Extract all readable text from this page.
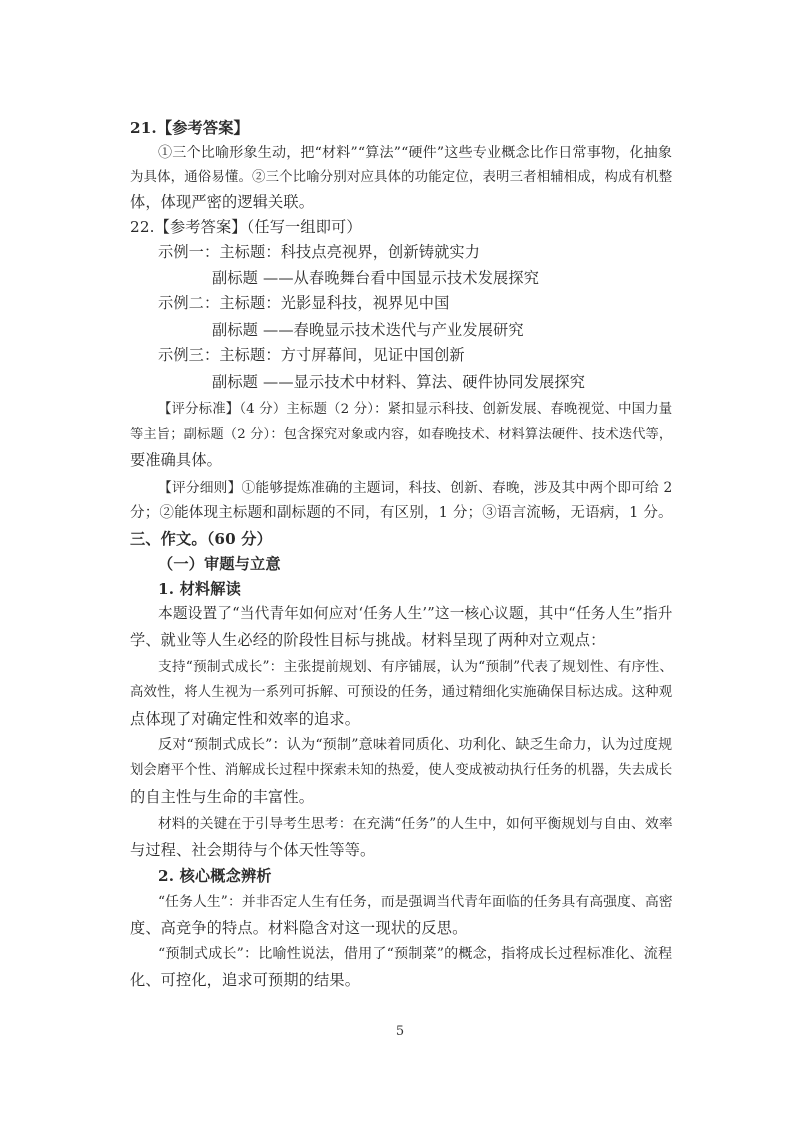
21.【参考答案】
①三个比喻形象生动，把“材料”“算法”“硬件”这些专业概念比作日常事物，化抽象
为具体，通俗易懂。②三个比喻分别对应具体的功能定位，表明三者相辅相成，构成有机整
体，体现严密的逻辑关联。
22.【参考答案】（任写一组即可）
示例一：主标题：科技点亮视界，创新铸就实力
副标题 ——从春晚舞台看中国显示技术发展探究
示例二：主标题：光影显科技，视界见中国
副标题 ——春晚显示技术迭代与产业发展研究
示例三：主标题：方寸屏幕间，见证中国创新
副标题 ——显示技术中材料、算法、硬件协同发展探究
【评分标准】（4 分）主标题（2 分）：紧扣显示科技、创新发展、春晚视觉、中国力量
等主旨；副标题（2 分）：包含探究对象或内容，如春晚技术、材料算法硬件、技术迭代等，
要准确具体。
【评分细则】①能够提炼准确的主题词，科技、创新、春晚，涉及其中两个即可给 2
分；②能体现主标题和副标题的不同，有区别，1 分；③语言流畅，无语病，1 分。
三、作文。（60 分）
（一）审题与立意
1. 材料解读
本题设置了“当代青年如何应对‘任务人生’”这一核心议题，其中“任务人生”指升
学、就业等人生必经的阶段性目标与挑战。材料呈现了两种对立观点：
支持“预制式成长”：主张提前规划、有序铺展，认为“预制”代表了规划性、有序性、
高效性，将人生视为一系列可拆解、可预设的任务，通过精细化实施确保目标达成。这种观
点体现了对确定性和效率的追求。
反对“预制式成长”：认为“预制”意味着同质化、功利化、缺乏生命力，认为过度规
划会磨平个性、消解成长过程中探索未知的热爱，使人变成被动执行任务的机器，失去成长
的自主性与生命的丰富性。
材料的关键在于引导考生思考：在充满“任务”的人生中，如何平衡规划与自由、效率
与过程、社会期待与个体天性等等。
2. 核心概念辨析
“任务人生”：并非否定人生有任务，而是强调当代青年面临的任务具有高强度、高密
度、高竞争的特点。材料隐含对这一现状的反思。
“预制式成长”：比喻性说法，借用了“预制菜”的概念，指将成长过程标准化、流程
化、可控化，追求可预期的结果。
5
